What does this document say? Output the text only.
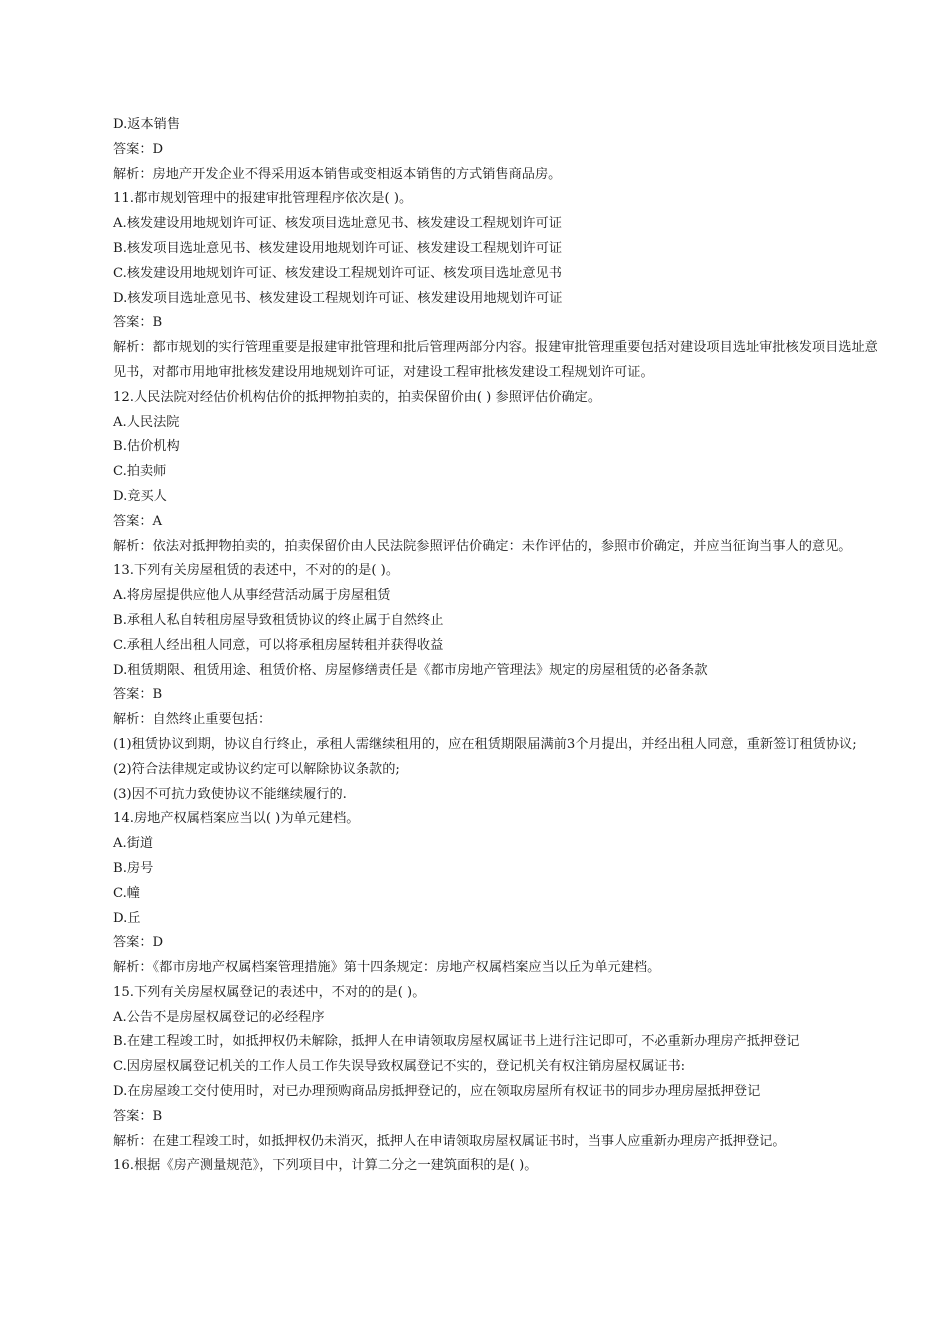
D.返本销售

答案：D

解析：房地产开发企业不得采用返本销售或变相返本销售的方式销售商品房。

11.都市规划管理中的报建审批管理程序依次是( )。

A.核发建设用地规划许可证、核发项目选址意见书、核发建设工程规划许可证

B.核发项目选址意见书、核发建设用地规划许可证、核发建设工程规划许可证

C.核发建设用地规划许可证、核发建设工程规划许可证、核发项目选址意见书

D.核发项目选址意见书、核发建设工程规划许可证、核发建设用地规划许可证

答案：B

解析：都市规划的实行管理重要是报建审批管理和批后管理两部分内容。报建审批管理重要包括对建设项目选址审批核发项目选址意见书，对都市用地审批核发建设用地规划许可证，对建设工程审批核发建设工程规划许可证。

12.人民法院对经估价机构估价的抵押物拍卖的，拍卖保留价由( ) 参照评估价确定。

A.人民法院

B.估价机构

C.拍卖师

D.竞买人

答案：A

解析：依法对抵押物拍卖的，拍卖保留价由人民法院参照评估价确定：未作评估的，参照市价确定，并应当征询当事人的意见。

13.下列有关房屋租赁的表述中，不对的的是( )。

A.将房屋提供应他人从事经营活动属于房屋租赁

B.承租人私自转租房屋导致租赁协议的终止属于自然终止

C.承租人经出租人同意，可以将承租房屋转租并获得收益

D.租赁期限、租赁用途、租赁价格、房屋修缮责任是《都市房地产管理法》规定的房屋租赁的必备条款

答案：B

解析：自然终止重要包括：

(1)租赁协议到期，协议自行终止，承租人需继续租用的，应在租赁期限届满前3个月提出，并经出租人同意，重新签订租赁协议;

(2)符合法律规定或协议约定可以解除协议条款的;

(3)因不可抗力致使协议不能继续履行的.

14.房地产权属档案应当以( )为单元建档。

A.街道

B.房号

C.幢

D.丘

答案：D

解析：《都市房地产权属档案管理措施》第十四条规定：房地产权属档案应当以丘为单元建档。

15.下列有关房屋权属登记的表述中，不对的的是( )。

A.公告不是房屋权属登记的必经程序

B.在建工程竣工时，如抵押权仍未解除，抵押人在申请领取房屋权属证书上进行注记即可，不必重新办理房产抵押登记

C.因房屋权属登记机关的工作人员工作失误导致权属登记不实的，登记机关有权注销房屋权属证书:

D.在房屋竣工交付使用时，对已办理预购商品房抵押登记的，应在领取房屋所有权证书的同步办理房屋抵押登记

答案：B

解析：在建工程竣工时，如抵押权仍未消灭，抵押人在申请领取房屋权属证书时，当事人应重新办理房产抵押登记。

16.根据《房产测量规范》，下列项目中，计算二分之一建筑面积的是( )。
